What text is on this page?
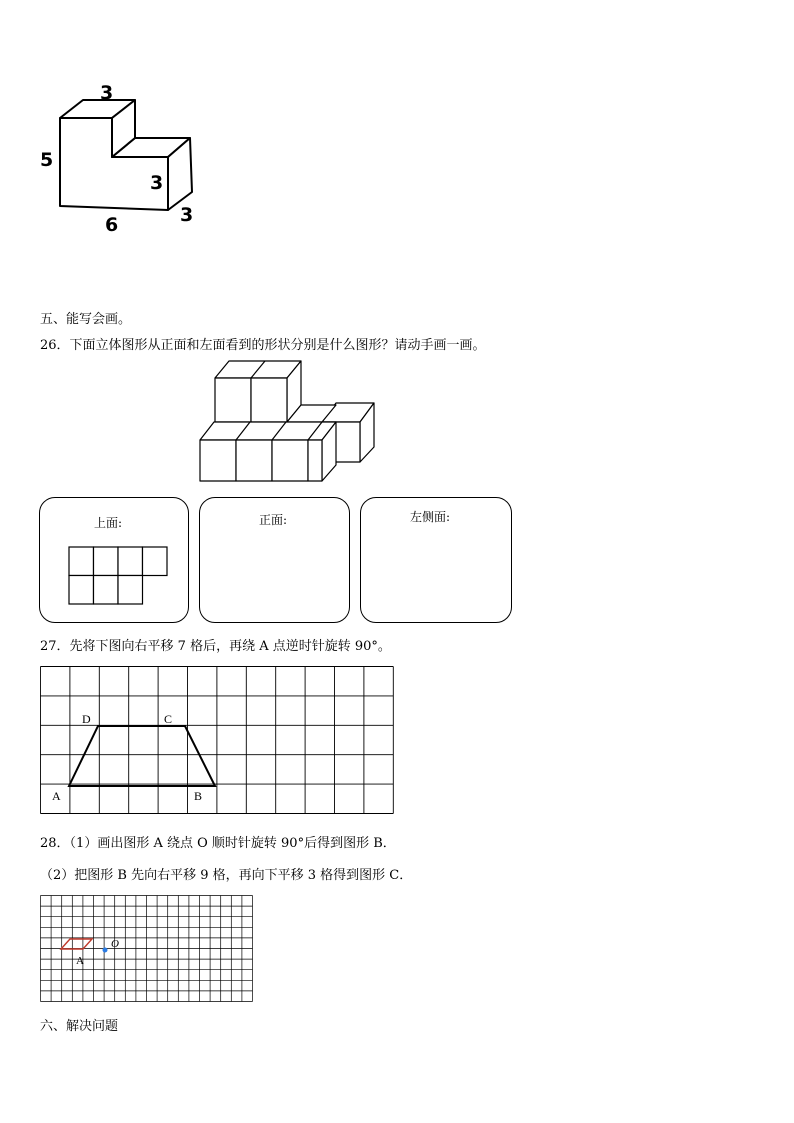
3
5
3
6	3
五、能写会画。
26．下面立体图形从正面和左面看到的形状分别是什么图形？请动手画一画。
上面:	正面:	左侧面:
27．先将下图向右平移 7 格后，再绕 A 点逆时针旋转 90°。
A	B
C
D
28．（1）画出图形 A 绕点 O 顺时针旋转 90°后得到图形 B．
（2）把图形 B 先向右平移 9 格，再向下平移 3 格得到图形 C．
A
O
六、解决问题
